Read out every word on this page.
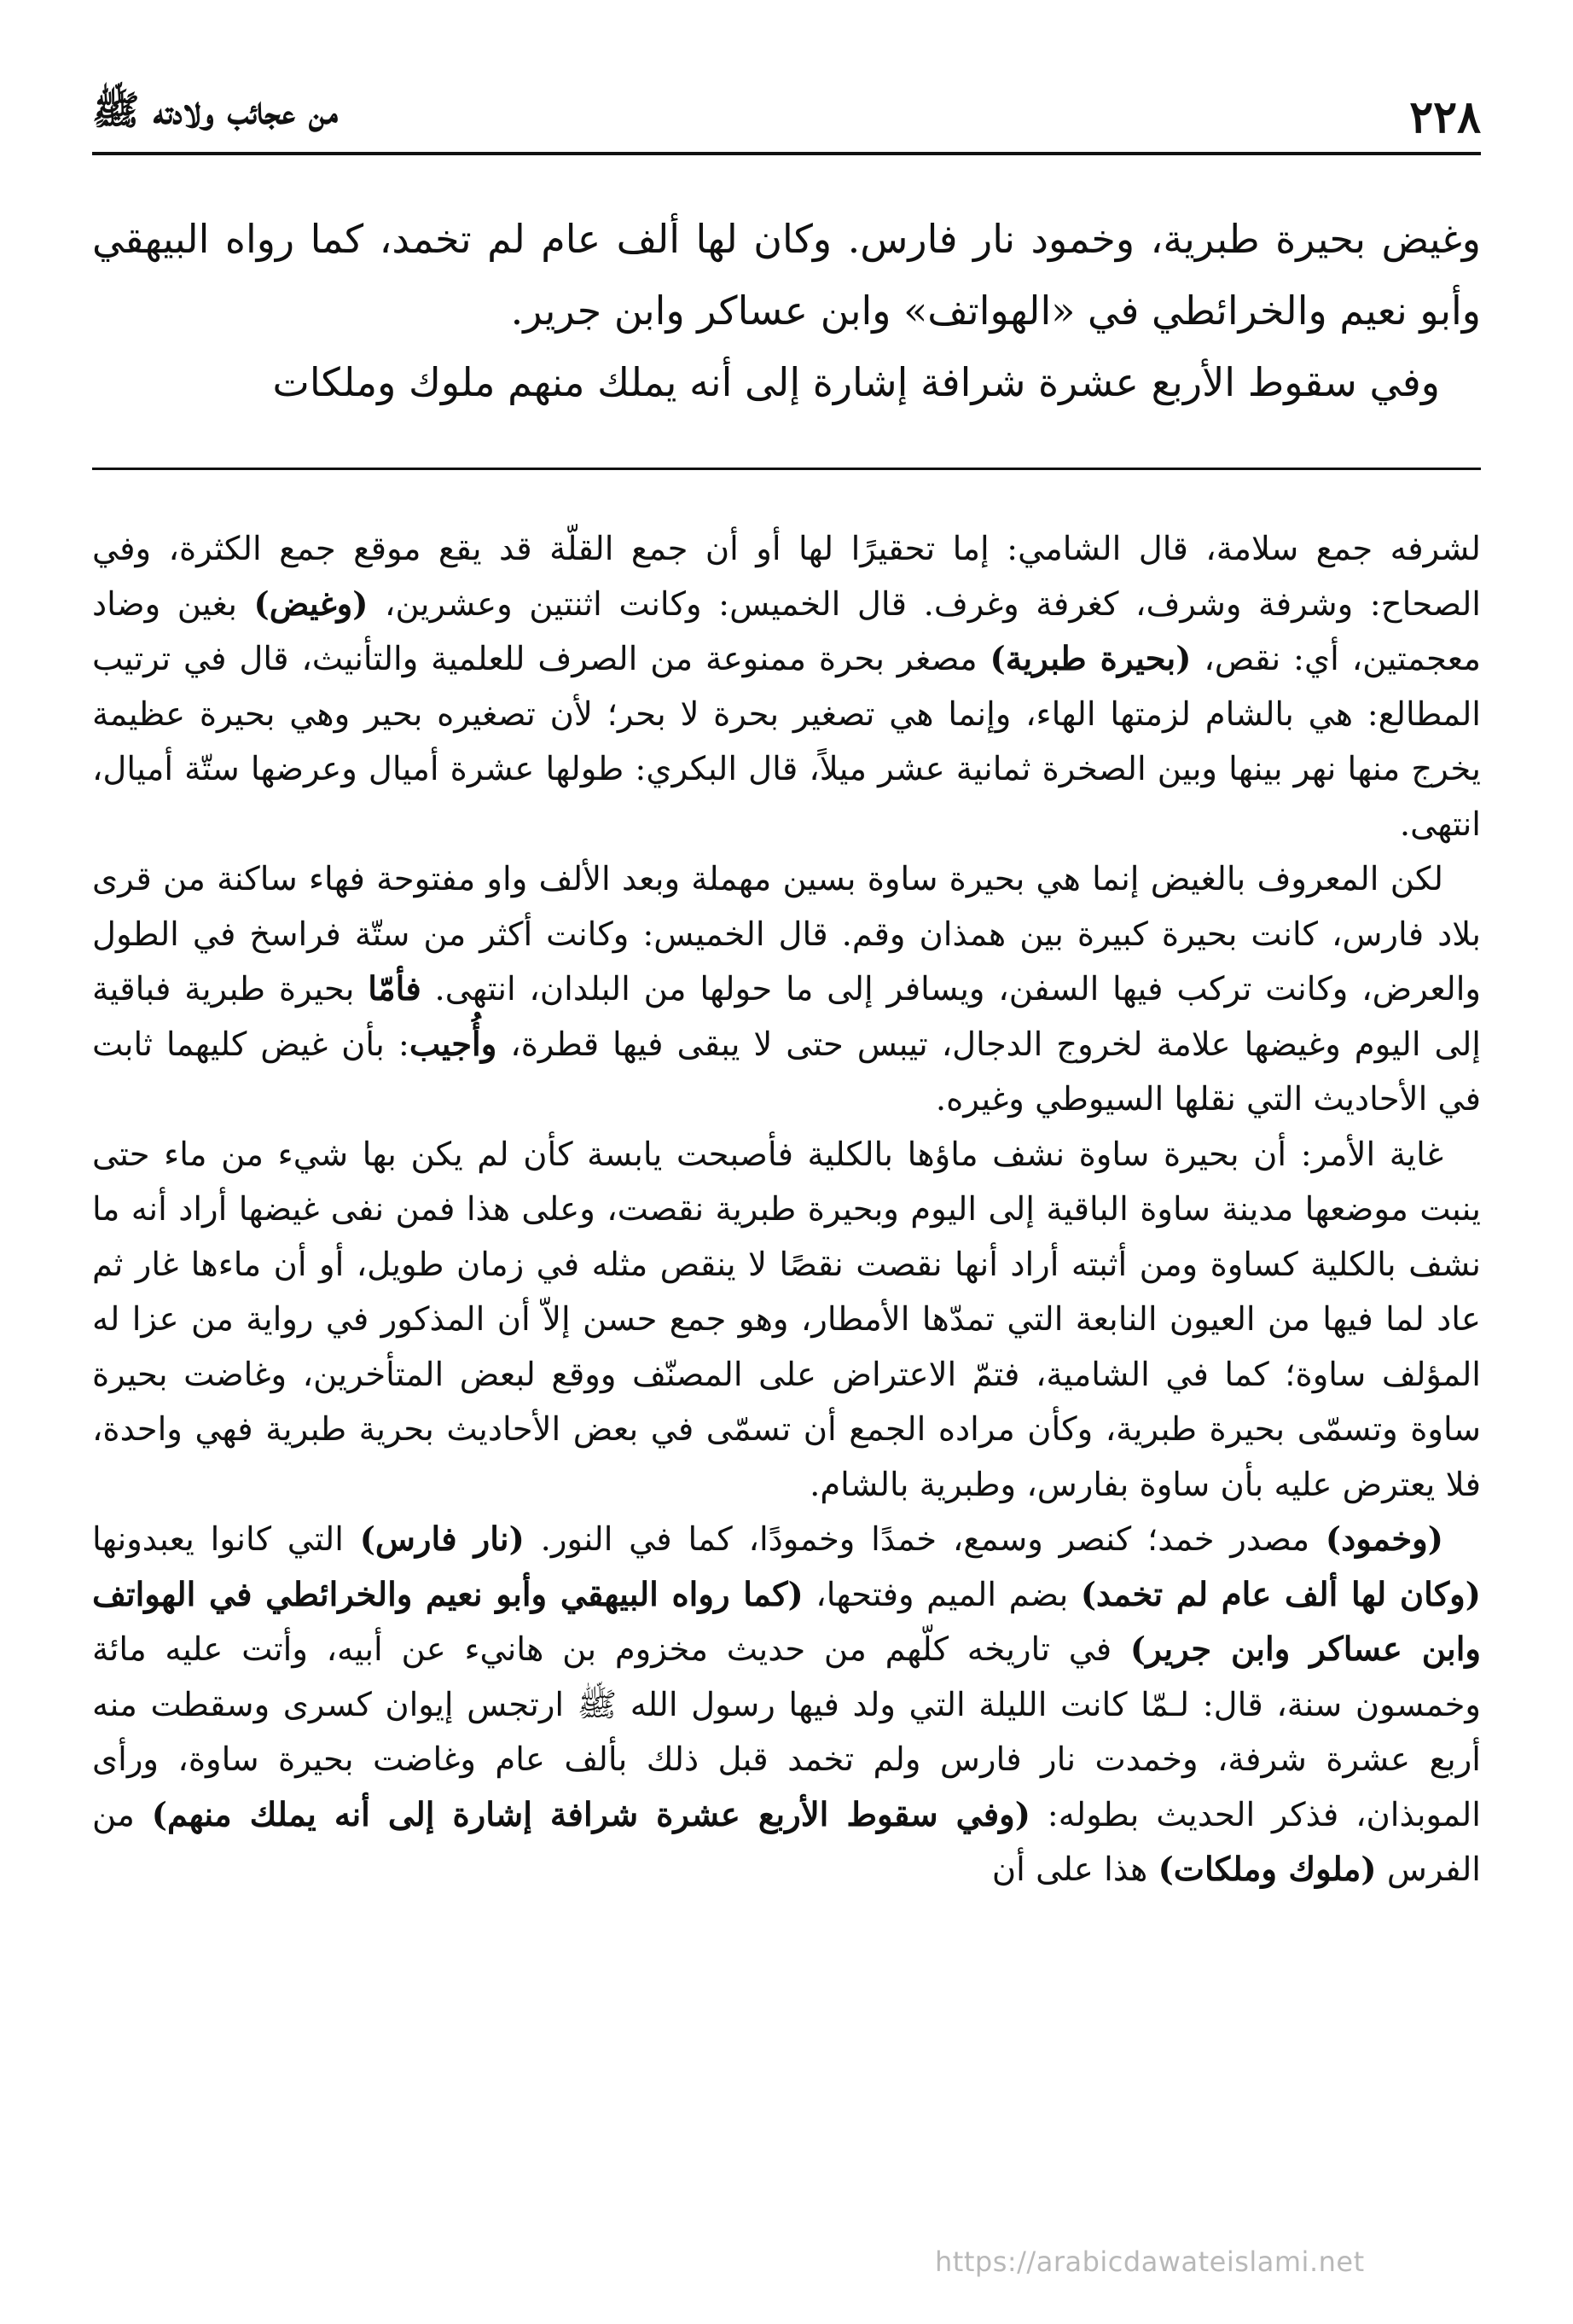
٢٢٨
من عجائب ولادته ﷺ

وغيض بحيرة طبرية، وخمود نار فارس. وكان لها ألف عام لم تخمد، كما رواه البيهقي وأبو نعيم والخرائطي في «الهواتف» وابن عساكر وابن جرير.

وفي سقوط الأربع عشرة شرافة إشارة إلى أنه يملك منهم ملوك وملكات

لشرفه جمع سلامة، قال الشامي: إما تحقيرًا لها أو أن جمع القلّة قد يقع موقع جمع الكثرة، وفي الصحاح: وشرفة وشرف، كغرفة وغرف. قال الخميس: وكانت اثنتين وعشرين، (وغيض) بغين وضاد معجمتين، أي: نقص، (بحيرة طبرية) مصغر بحرة ممنوعة من الصرف للعلمية والتأنيث، قال في ترتيب المطالع: هي بالشام لزمتها الهاء، وإنما هي تصغير بحرة لا بحر؛ لأن تصغيره بحير وهي بحيرة عظيمة يخرج منها نهر بينها وبين الصخرة ثمانية عشر ميلاً، قال البكري: طولها عشرة أميال وعرضها ستّة أميال، انتهى.

لكن المعروف بالغيض إنما هي بحيرة ساوة بسين مهملة وبعد الألف واو مفتوحة فهاء ساكنة من قرى بلاد فارس، كانت بحيرة كبيرة بين همذان وقم. قال الخميس: وكانت أكثر من ستّة فراسخ في الطول والعرض، وكانت تركب فيها السفن، ويسافر إلى ما حولها من البلدان، انتهى. فأمّا بحيرة طبرية فباقية إلى اليوم وغيضها علامة لخروج الدجال، تيبس حتى لا يبقى فيها قطرة، وأُجيب: بأن غيض كليهما ثابت في الأحاديث التي نقلها السيوطي وغيره.

غاية الأمر: أن بحيرة ساوة نشف ماؤها بالكلية فأصبحت يابسة كأن لم يكن بها شيء من ماء حتى ينبت موضعها مدينة ساوة الباقية إلى اليوم وبحيرة طبرية نقصت، وعلى هذا فمن نفى غيضها أراد أنه ما نشف بالكلية كساوة ومن أثبته أراد أنها نقصت نقصًا لا ينقص مثله في زمان طويل، أو أن ماءها غار ثم عاد لما فيها من العيون النابعة التي تمدّها الأمطار، وهو جمع حسن إلاّ أن المذكور في رواية من عزا له المؤلف ساوة؛ كما في الشامية، فتمّ الاعتراض على المصنّف ووقع لبعض المتأخرين، وغاضت بحيرة ساوة وتسمّى بحيرة طبرية، وكأن مراده الجمع أن تسمّى في بعض الأحاديث بحرية طبرية فهي واحدة، فلا يعترض عليه بأن ساوة بفارس، وطبرية بالشام.

(وخمود) مصدر خمد؛ كنصر وسمع، خمدًا وخمودًا، كما في النور. (نار فارس) التي كانوا يعبدونها (وكان لها ألف عام لم تخمد) بضم الميم وفتحها، (كما رواه البيهقي وأبو نعيم والخرائطي في الهواتف وابن عساكر وابن جرير) في تاريخه كلّهم من حديث مخزوم بن هانيء عن أبيه، وأتت عليه مائة وخمسون سنة، قال: لـمّا كانت الليلة التي ولد فيها رسول الله ﷺ ارتجس إيوان كسرى وسقطت منه أربع عشرة شرفة، وخمدت نار فارس ولم تخمد قبل ذلك بألف عام وغاضت بحيرة ساوة، ورأى الموبذان، فذكر الحديث بطوله: (وفي سقوط الأربع عشرة شرافة إشارة إلى أنه يملك منهم) من الفرس (ملوك وملكات) هذا على أن

https://arabicdawateislami.net
